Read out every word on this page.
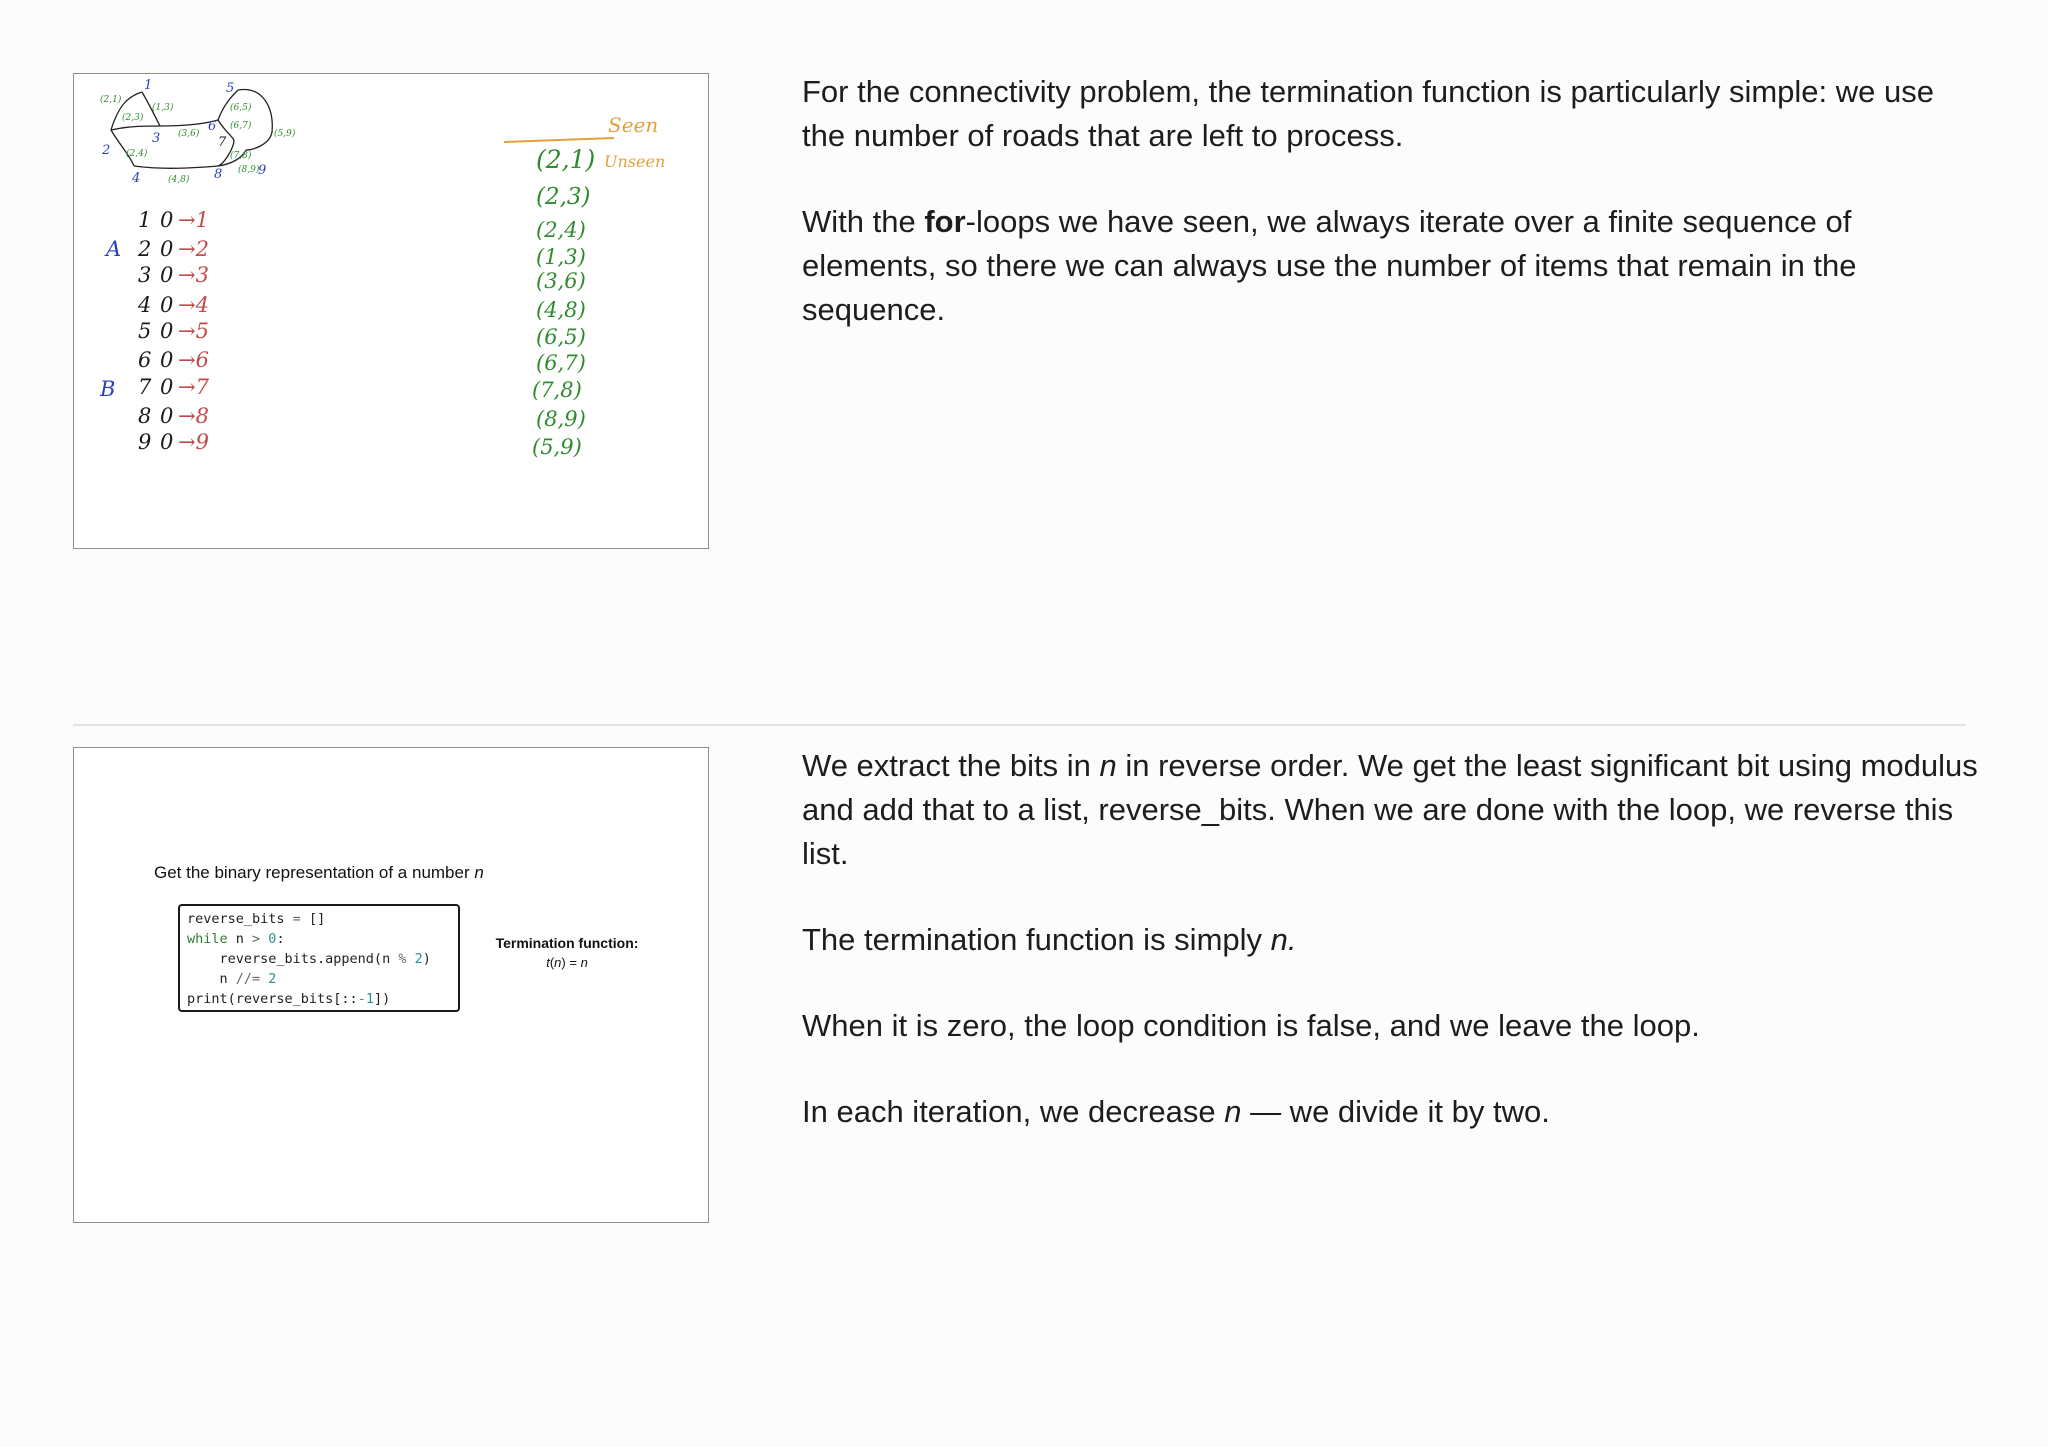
1
2
3
4
5
6
7
8	9
(2,1)
(1,3)
(2,3)
(3,6)
(6,5)
(6,7)
(5,9)
(7,8)
(2,4)
(4,8)
(8,9)
1 0 →1
A 2 0 →2
3 0 →3
4 0 →4
5 0 →5
6 0 →6
B 7 0 →7
8 0 →8
9 0 →9
Seen
Unseen
(2,1)
(2,3)
(2,4)
(1,3)
(3,6)
(4,8)
(6,5)
(6,7)
(7,8)
(8,9)
(5,9)

For the connectivity problem, the termination function is particularly simple: we use the number of roads that are left to process.

With the for-loops we have seen, we always iterate over a finite sequence of elements, so there we can always use the number of items that remain in the sequence.

Get the binary representation of a number n
reverse_bits = []
while n > 0:
reverse_bits.append(n % 2)
n //= 2
print(reverse_bits[::-1])
Termination function:
t(n) = n

We extract the bits in n in reverse order. We get the least significant bit using modulus and add that to a list, reverse_bits. When we are done with the loop, we reverse this list.

The termination function is simply n.

When it is zero, the loop condition is false, and we leave the loop.

In each iteration, we decrease n — we divide it by two.
